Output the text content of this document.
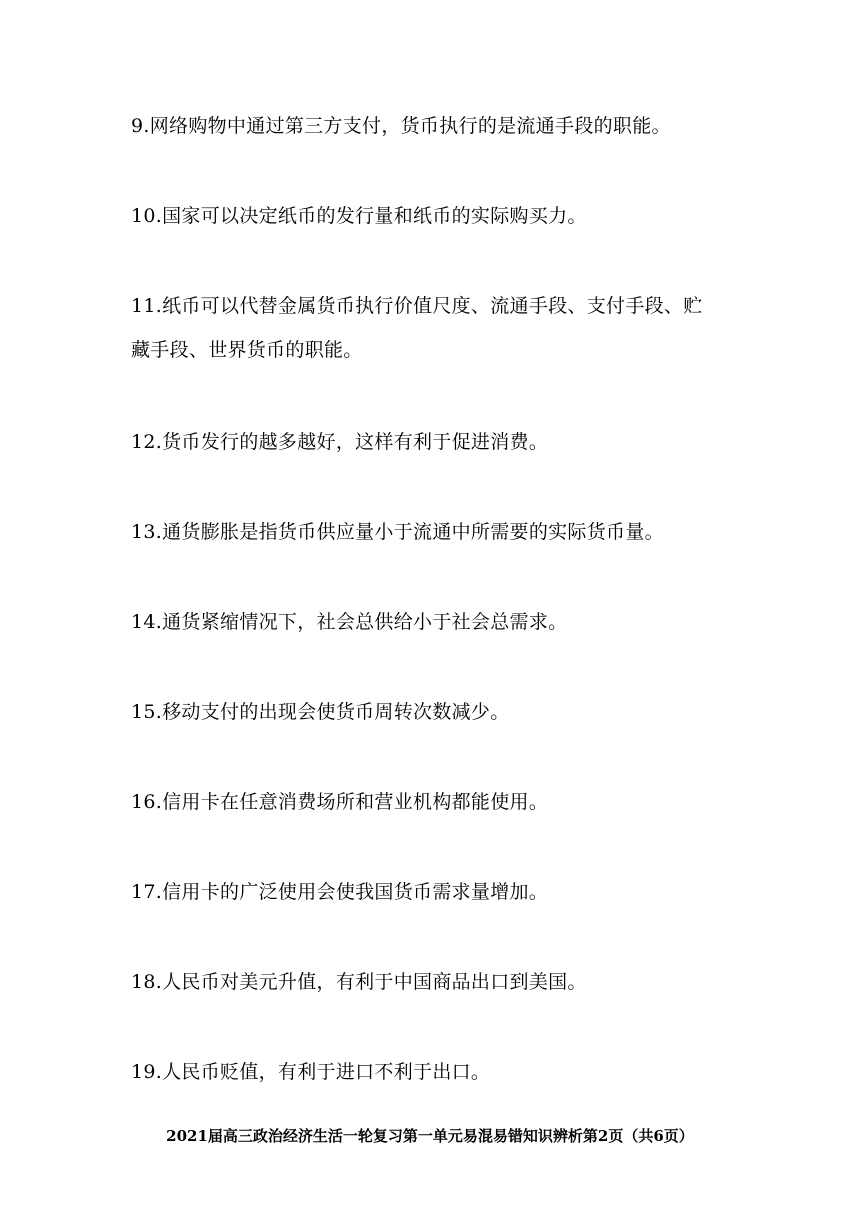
9.网络购物中通过第三方支付，货币执行的是流通手段的职能。

10.国家可以决定纸币的发行量和纸币的实际购买力。

11.纸币可以代替金属货币执行价值尺度、流通手段、支付手段、贮
藏手段、世界货币的职能。

12.货币发行的越多越好，这样有利于促进消费。

13.通货膨胀是指货币供应量小于流通中所需要的实际货币量。

14.通货紧缩情况下，社会总供给小于社会总需求。

15.移动支付的出现会使货币周转次数减少。

16.信用卡在任意消费场所和营业机构都能使用。

17.信用卡的广泛使用会使我国货币需求量增加。

18.人民币对美元升值，有利于中国商品出口到美国。

19.人民币贬值，有利于进口不利于出口。

2021届高三政治经济生活一轮复习第一单元易混易错知识辨析第2页（共6页）
